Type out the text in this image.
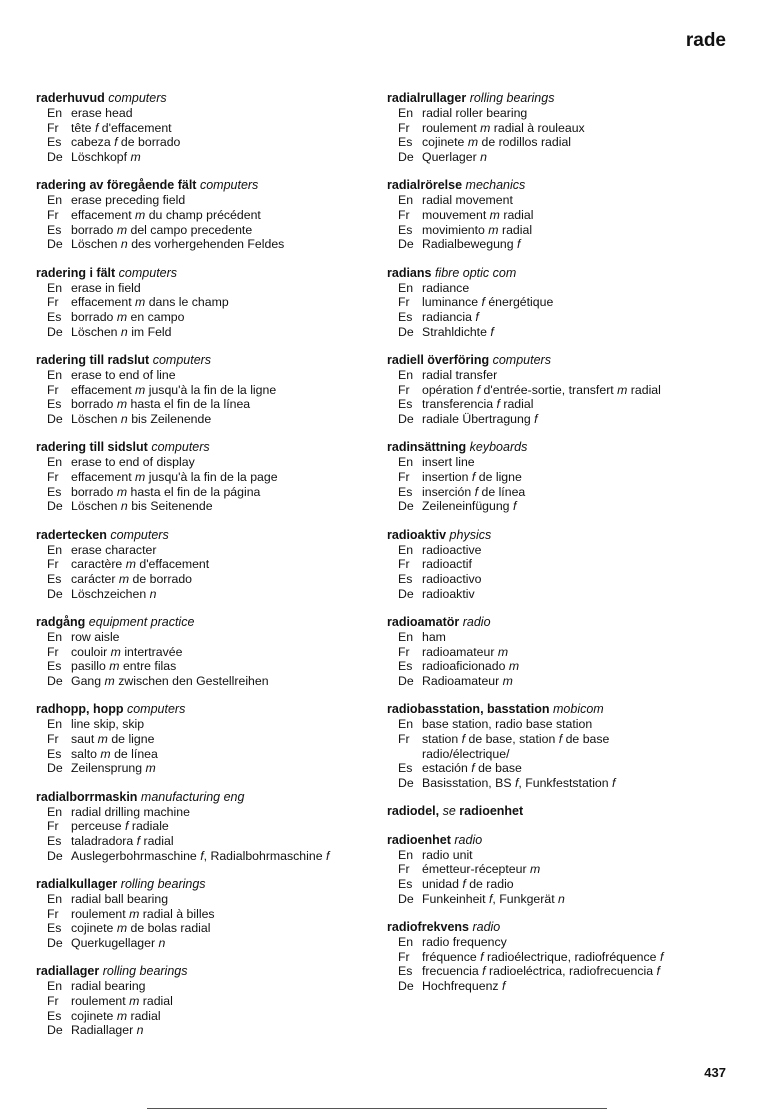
rade
raderhuvud computers
En erase head
Fr tête f d'effacement
Es cabeza f de borrado
De Löschkopf m
radering av föregående fält computers
En erase preceding field
Fr effacement m du champ précédent
Es borrado m del campo precedente
De Löschen n des vorhergehenden Feldes
radering i fält computers
En erase in field
Fr effacement m dans le champ
Es borrado m en campo
De Löschen n im Feld
radering till radslut computers
En erase to end of line
Fr effacement m jusqu'à la fin de la ligne
Es borrado m hasta el fin de la línea
De Löschen n bis Zeilenende
radering till sidslut computers
En erase to end of display
Fr effacement m jusqu'à la fin de la page
Es borrado m hasta el fin de la página
De Löschen n bis Seitenende
radertecken computers
En erase character
Fr caractère m d'effacement
Es carácter m de borrado
De Löschzeichen n
radgång equipment practice
En row aisle
Fr couloir m intertravée
Es pasillo m entre filas
De Gang m zwischen den Gestellreihen
radhopp, hopp computers
En line skip, skip
Fr saut m de ligne
Es salto m de línea
De Zeilensprung m
radialborrmaskin manufacturing eng
En radial drilling machine
Fr perceuse f radiale
Es taladradora f radial
De Auslegerbohrmaschine f, Radialbohrmaschine f
radialkullager rolling bearings
En radial ball bearing
Fr roulement m radial à billes
Es cojinete m de bolas radial
De Querkugellager n
radiallager rolling bearings
En radial bearing
Fr roulement m radial
Es cojinete m radial
De Radiallager n
radialrullager rolling bearings
En radial roller bearing
Fr roulement m radial à rouleaux
Es cojinete m de rodillos radial
De Querlager n
radialrörelse mechanics
En radial movement
Fr mouvement m radial
Es movimiento m radial
De Radialbewegung f
radians fibre optic com
En radiance
Fr luminance f énergétique
Es radiancia f
De Strahldichte f
radiell överföring computers
En radial transfer
Fr opération f d'entrée-sortie, transfert m radial
Es transferencia f radial
De radiale Übertragung f
radinsättning keyboards
En insert line
Fr insertion f de ligne
Es inserción f de línea
De Zeileneinfügung f
radioaktiv physics
En radioactive
Fr radioactif
Es radioactivo
De radioaktiv
radioamatör radio
En ham
Fr radioamateur m
Es radioaficionado m
De Radioamateur m
radiobasstation, basstation mobicom
En base station, radio base station
Fr station f de base, station f de base
radio/électrique/
Es estación f de base
De Basisstation, BS f, Funkfeststation f
radiodel, se radioenhet
radioenhet radio
En radio unit
Fr émetteur-récepteur m
Es unidad f de radio
De Funkeinheit f, Funkgerät n
radiofrekvens radio
En radio frequency
Fr fréquence f radioélectrique, radiofréquence f
Es frecuencia f radioeléctrica, radiofrecuencia f
De Hochfrequenz f
437
